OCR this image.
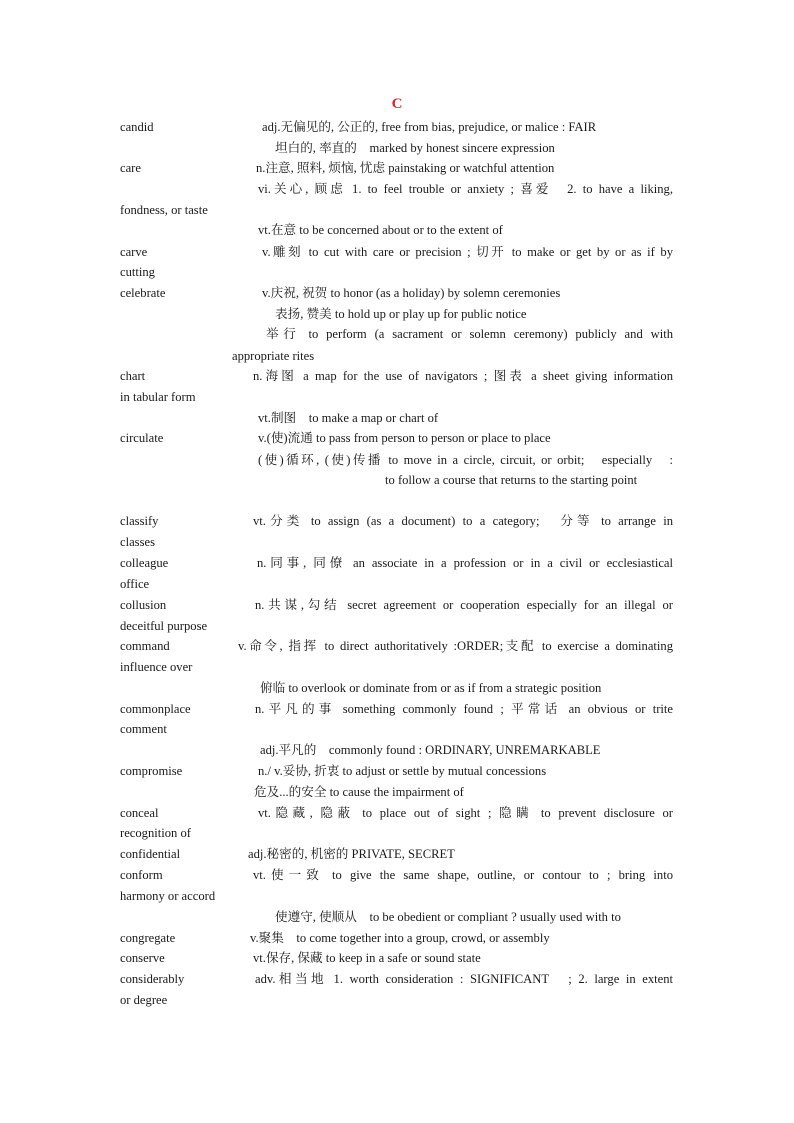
C
candid	adj.无偏见的, 公正的, free from bias, prejudice, or malice : FAIR
坦白的, 率直的　marked by honest sincere expression
care	n.注意, 照料, 烦恼, 忧虑 painstaking or watchful attention
vi.关心, 顾虑 1. to feel trouble or anxiety ; 喜爱　2. to have a liking,
fondness, or taste
vt.在意 to be concerned about or to the extent of
carve	v.雕刻 to cut with care or precision ; 切开 to make or get by or as if by
cutting
celebrate	v.庆祝, 祝贺 to honor (as a holiday) by solemn ceremonies
表扬, 赞美 to hold up or play up for public notice
举行 to perform (a sacrament or solemn ceremony) publicly and with
appropriate rites
chart	n.海图 a map for the use of navigators ; 图表 a sheet giving information
in tabular form
vt.制图　to make a map or chart of
circulate	v.(使)流通 to pass from person to person or place to place
(使)循环, (使)传播 to move in a circle, circuit, or orbit;　especially　:
to follow a course that returns to the starting point
classify	vt.分类 to assign (as a document) to a category;　分等 to arrange in
classes
colleague	n.同事, 同僚 an associate in a profession or in a civil or ecclesiastical
office
collusion	n.共谋,勾结 secret agreement or cooperation especially for an illegal or
deceitful purpose
command	v.命令, 指挥 to direct authoritatively :ORDER;支配 to exercise a dominating
influence over
俯临 to overlook or dominate from or as if from a strategic position
commonplace	n.平凡的事 something commonly found ; 平常话 an obvious or trite
comment
adj.平凡的　commonly found : ORDINARY, UNREMARKABLE
compromise	n./ v.妥协, 折衷 to adjust or settle by mutual concessions
危及...的安全 to cause the impairment of
conceal	vt.隐藏, 隐蔽 to place out of sight ; 隐瞒 to prevent disclosure or
recognition of
confidential	adj.秘密的, 机密的 PRIVATE, SECRET
conform	vt.使一致 to give the same shape, outline, or contour to ; bring into
harmony or accord
使遵守, 使顺从　to be obedient or compliant ? usually used with to
congregate	v.聚集　to come together into a group, crowd, or assembly
conserve	vt.保存, 保藏 to keep in a safe or sound state
considerably	adv.相当地 1. worth consideration : SIGNIFICANT　; 2. large in extent
or degree
